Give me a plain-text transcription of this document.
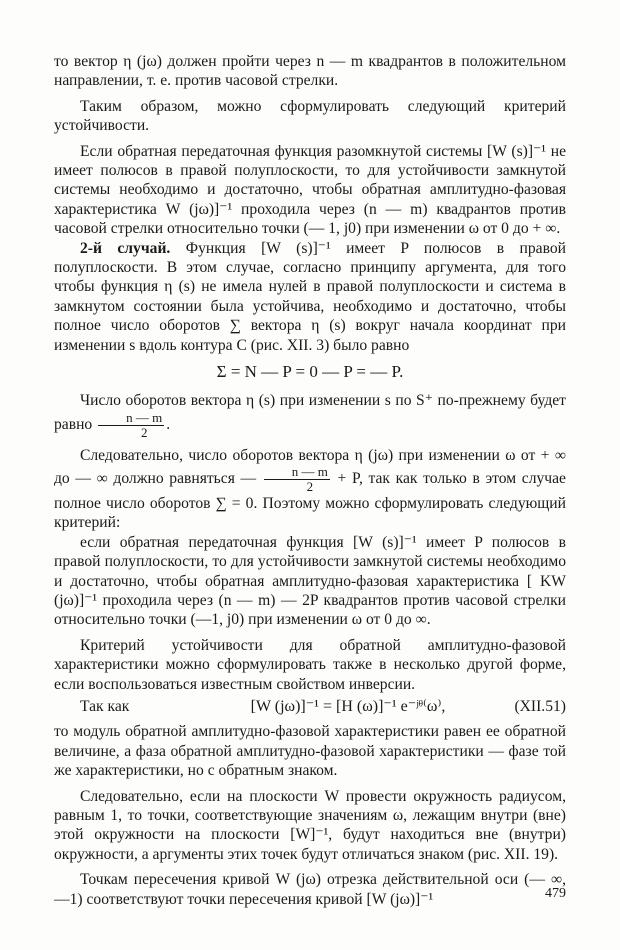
то вектор η (jω) должен пройти через n — m квадрантов в положительном направлении, т. е. против часовой стрелки.

Таким образом, можно сформулировать следующий критерий устойчивости.

Если обратная передаточная функция разомкнутой системы [W (s)]⁻¹ не имеет полюсов в правой полуплоскости, то для устойчивости замкнутой системы необходимо и достаточно, чтобы обратная амплитудно-фазовая характеристика W (jω)]⁻¹ проходила через (n — m) квадрантов против часовой стрелки относительно точки (— 1, j0) при изменении ω от 0 до + ∞.

2-й случай. Функция [W (s)]⁻¹ имеет P полюсов в правой полуплоскости. В этом случае, согласно принципу аргумента, для того чтобы функция η (s) не имела нулей в правой полуплоскости и система в замкнутом состоянии была устойчива, необходимо и достаточно, чтобы полное число оборотов ∑ вектора η (s) вокруг начала координат при изменении s вдоль контура C (рис. XII. 3) было равно

Σ = N — P = 0 — P = — P.

Число оборотов вектора η (s) при изменении s по S⁺ по-прежнему будет равно $\frac{n — m}{2}$ .

Следовательно, число оборотов вектора η (jω) при изменении ω от + ∞ до — ∞ должно равняться — $\frac{n — m}{2} + P$, так как только в этом случае полное число оборотов ∑ = 0. Поэтому можно сформулировать следующий критерий:

если обратная передаточная функция [W (s)]⁻¹ имеет P полюсов в правой полуплоскости, то для устойчивости замкнутой системы необходимо и достаточно, чтобы обратная амплитудно-фазовая характеристика [ KW (jω)]⁻¹ проходила через (n — m) — 2P квадрантов против часовой стрелки относительно точки (—1, j0) при изменении ω от 0 до ∞.

Критерий устойчивости для обратной амплитудно-фазовой характеристики можно сформулировать также в несколько другой форме, если воспользоваться известным свойством инверсии.

Так как	[W (jω)]⁻¹ = [H (ω)]⁻¹ e⁻ʲᶿ⁽ω⁾,	(XII.51)

то модуль обратной амплитудно-фазовой характеристики равен ее обратной величине, а фаза обратной амплитудно-фазовой характеристики — фазе той же характеристики, но с обратным знаком.

Следовательно, если на плоскости W провести окружность радиусом, равным 1, то точки, соответствующие значениям ω, лежащим внутри (вне) этой окружности на плоскости [W]⁻¹, будут находиться вне (внутри) окружности, а аргументы этих точек будут отличаться знаком (рис. XII. 19).

Точкам пересечения кривой W (jω) отрезка действительной оси (— ∞, —1) соответствуют точки пересечения кривой [W (jω)]⁻¹	479
